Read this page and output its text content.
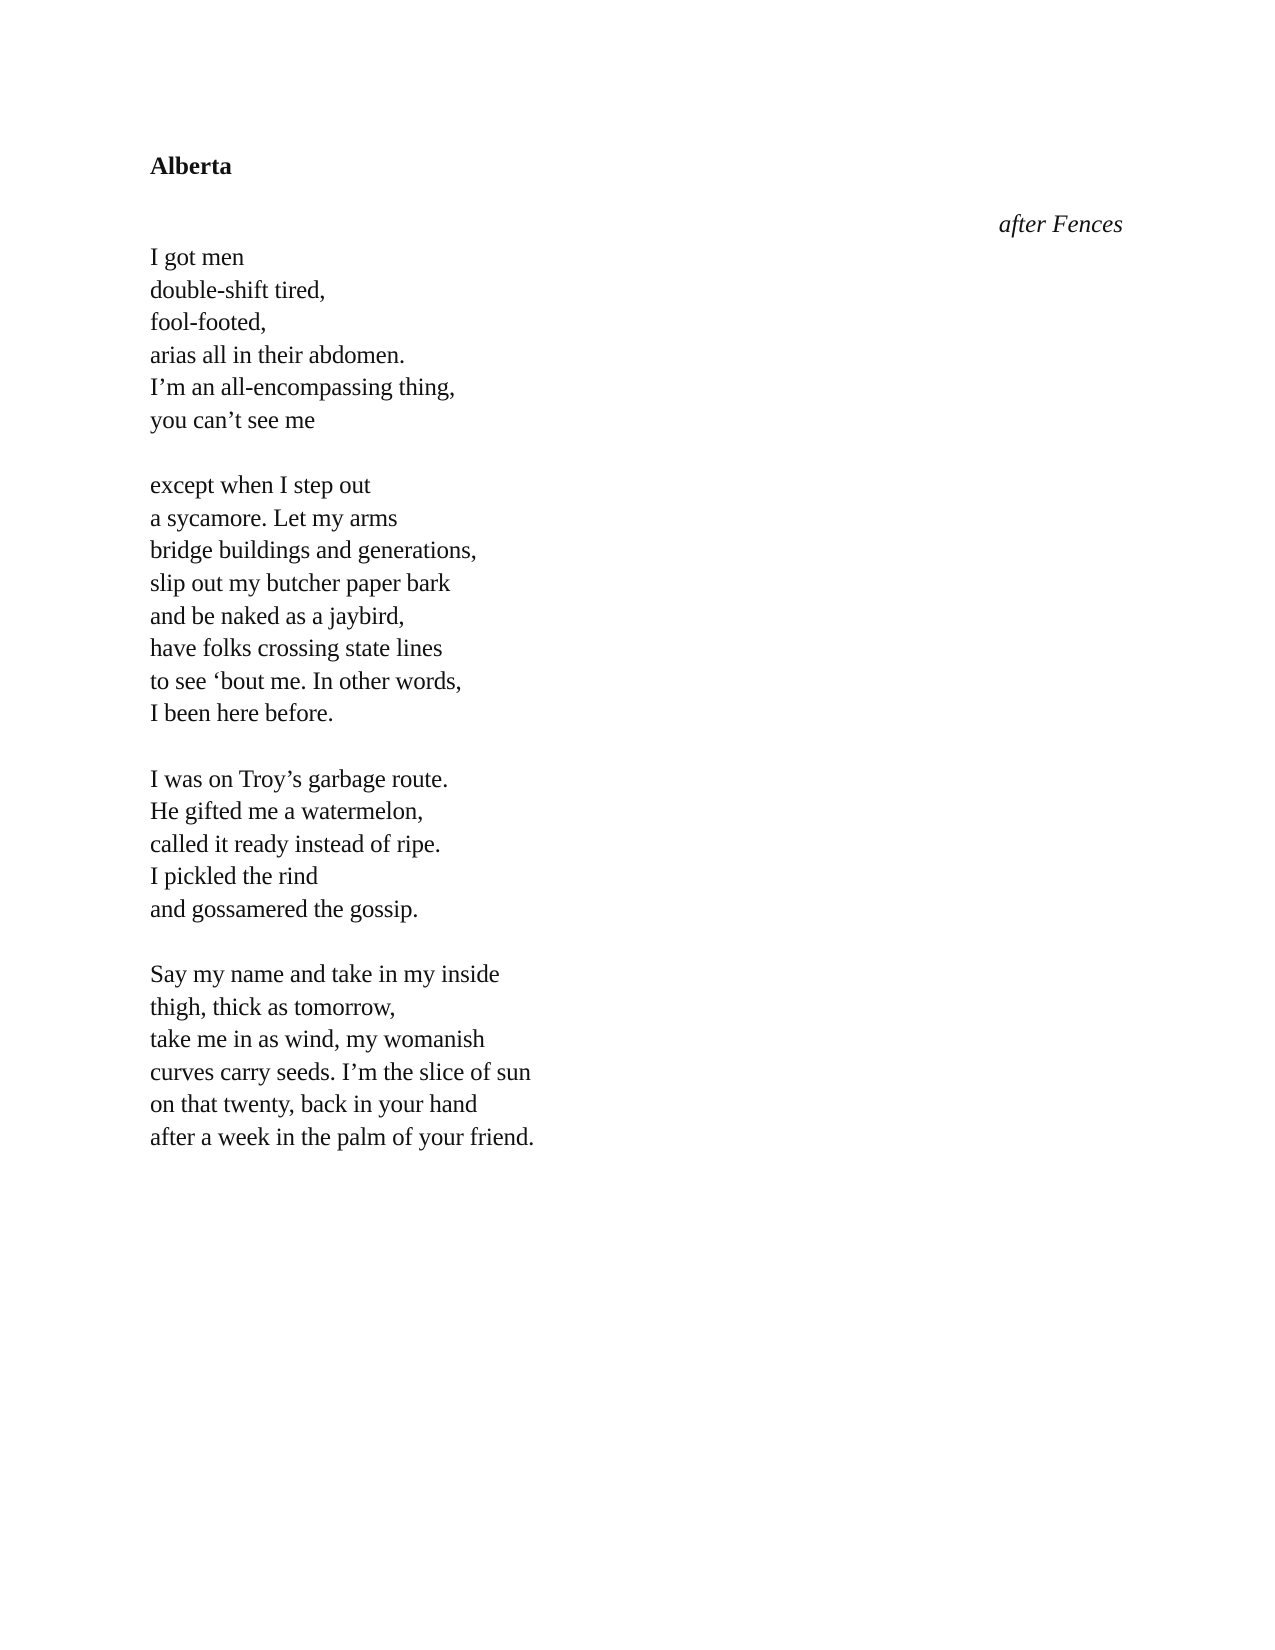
Alberta

after Fences

I got men
double-shift tired,
fool-footed,
arias all in their abdomen.
I’m an all-encompassing thing,
you can’t see me
except when I step out
a sycamore. Let my arms
bridge buildings and generations,
slip out my butcher paper bark
and be naked as a jaybird,
have folks crossing state lines
to see ‘bout me. In other words,
I been here before.
I was on Troy’s garbage route.
He gifted me a watermelon,
called it ready instead of ripe.
I pickled the rind
and gossamered the gossip.
Say my name and take in my inside
thigh, thick as tomorrow,
take me in as wind, my womanish
curves carry seeds. I’m the slice of sun
on that twenty, back in your hand
after a week in the palm of your friend.
